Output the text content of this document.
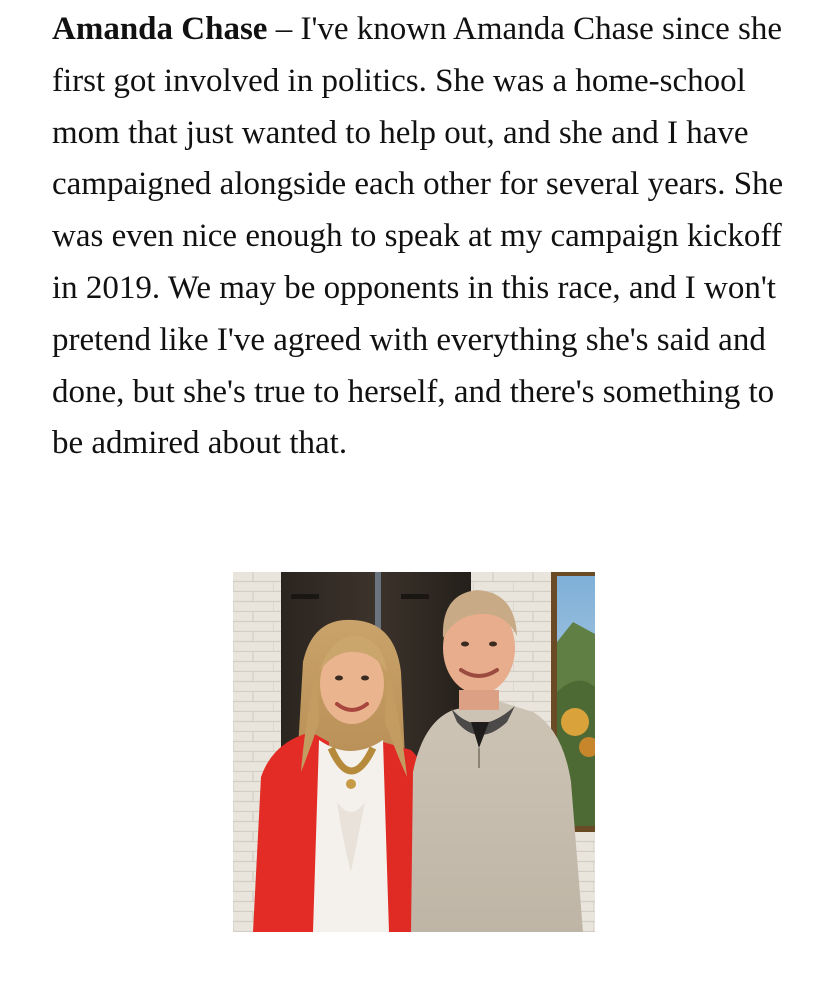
Amanda Chase – I've known Amanda Chase since she first got involved in politics. She was a home-school mom that just wanted to help out, and she and I have campaigned alongside each other for several years. She was even nice enough to speak at my campaign kickoff in 2019. We may be opponents in this race, and I won't pretend like I've agreed with everything she's said and done, but she's true to herself, and there's something to be admired about that.
